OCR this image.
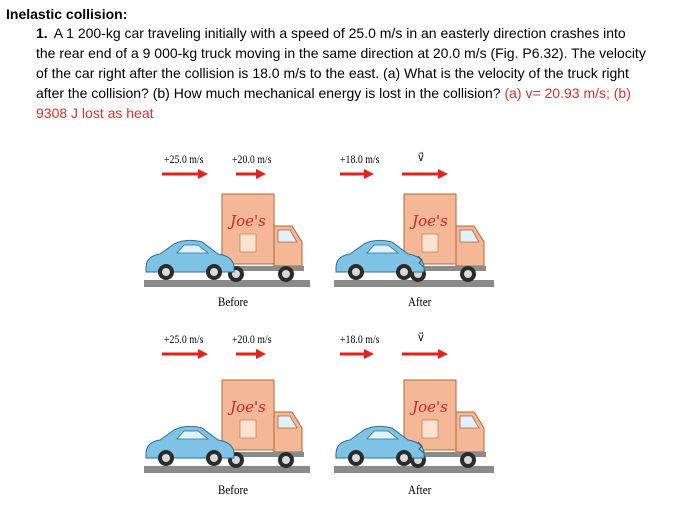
Inelastic collision:
1. A 1 200-kg car traveling initially with a speed of 25.0 m/s in an easterly direction crashes into the rear end of a 9 000-kg truck moving in the same direction at 20.0 m/s (Fig. P6.32). The velocity of the car right after the collision is 18.0 m/s to the east. (a) What is the velocity of the truck right after the collision? (b) How much mechanical energy is lost in the collision? (a) v= 20.93 m/s; (b) 9308 J lost as heat
Joe's	Joe's
+25.0 m/s +20.0 m/s	+18.0 m/s	v⃗
Before	After
Joe's	Joe's
+25.0 m/s +20.0 m/s	+18.0 m/s	v⃗
Before	After
